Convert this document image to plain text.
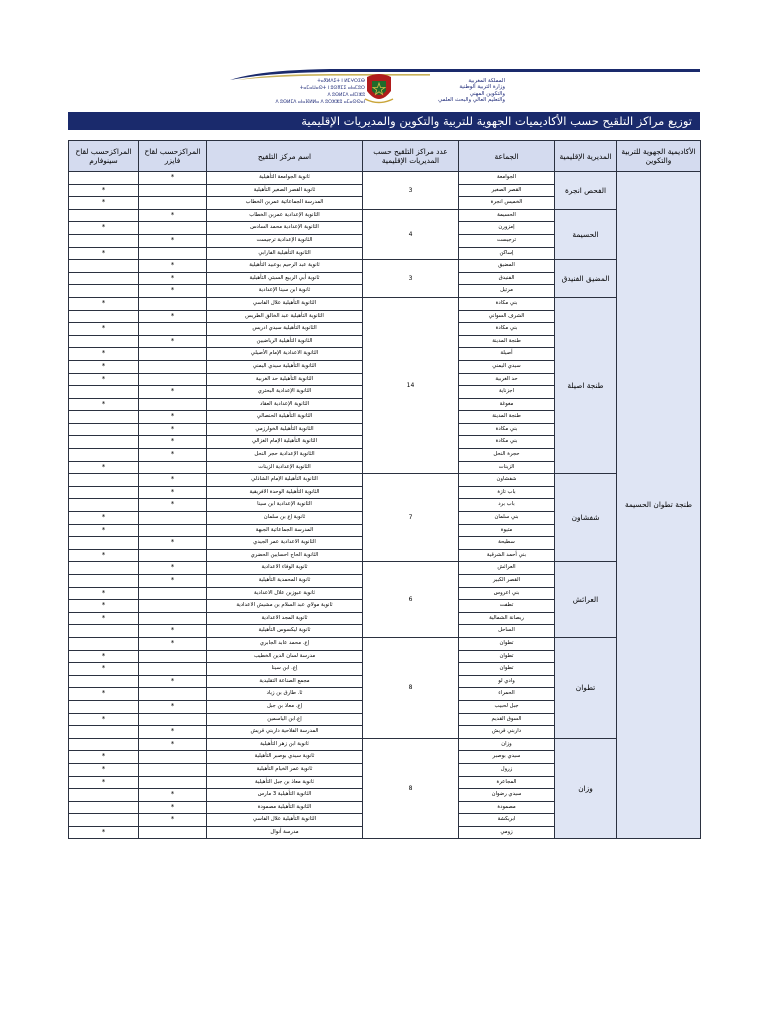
ⵜⴰⴳⵍⴷⵉⵜ ⵏ ⵍⵎⵖⵔⵉⴱ
ⵜⴰⵎⴰⵡⴰⵙⵜ ⵏ ⵓⵙⴳⵎⵉ ⴰⵏⴰⵎⵓⵔ
ⴷ ⵓⵙⵍⵎⴷ ⴰⵏⵎⵏⵣⵓ
ⴷ ⵓⵙⵍⵎⴷ ⴰⵏⴰⴼⵍⵍⴰ ⴷ ⵓⵔⵣⵣⵓ ⴰⵎⴰⵙⵙⴰⵏ
المملكة المغربية
وزارة التربية الوطنية
والتكوين المهني
والتعليم العالي والبحث العلمي
توزيع مراكز التلقيح حسب الأكاديميات الجهوية للتربية والتكوين والمديريات الإقليمية
الأكاديمية الجهوية للتربية والتكوين	المديرية الإقليمية	الجماعة	عدد مراكز التلقيح حسب المديريات الإقليمية	اسم مركز التلقيح	المراكزحسب لقاح فايزر	المراكزحسب لقاح سينوفارم
طنجة تطوان الحسيمة	الفحص انجرة	الجوامعة	3	ثانوية الجوامعة التأهيلية	*	
		القصر الصغير		ثانوية القصر الصغير التأهيلية		*
		الخميس انجرة		المدرسة الجماعاتية عمربن الخطاب		*
	الحسيمة	الحسيمة	4	الثانوية الإعدادية عمربن الخطاب	*	
		إمزورن		الثانوية الإعدادية محمد السادس		*
		ترجيست		الثانوية الإعدادية ترجيست	*	
		إساكن		الثانوية التأهيلية الفارابي		*
	المضيق الفنيدق	المضيق	3	ثانوية عبد الرحيم بوعبيد التأهيلية	*	
		الفنيدق		ثانوية أبي الربيع السبتي التأهيلية	*	
		مرتيل		ثانوية ابن سينا الإعدادية	*	
	طنجة اصيلة	بني مكادة	14	الثانوية التأهيلية علال الفاسي		*
		الشرف السواني		الثانوية التأهيلية عبد الخالق الطريس	*	
		بني مكادة		الثانوية التأهيلية سيدي ادريس		*
		طنجة المدينة		الثانوية التأهيلية الرياضيين	*	
		أصيلة		الثانوية الاعدادية الإمام الأصيلي		*
		سيدي اليمني		الثانوية التأهيلية سيدي اليمني		*
		حد الغربية		الثانوية التأهيلية حد الغربية		*
		اجزناية		الثانوية الإعدادية البحتري	*	
		مغوغة		الثانوية الإعدادية العقاد		*
		طنجة المدينة		الثانوية التأهيلية الحنصالي	*	
		بني مكادة		الثانوية التأهيلية الخوارزمي	*	
		بني مكادة		الثانوية التأهيلية الإمام الغزالي	*	
		حجرة النحل		الثانوية الإعدادية حجر النحل	*	
		الزينات		الثانوية الإعدادية الزينات		*
	شفشاون	شفشاون	7	الثانوية التأهيلية الإمام الشاذلي	*	
		باب تازة		الثانوية التأهيلية الوحدة الافريقية	*	
		باب برد		الثانوية الإعدادية ابن سينا	*	
		بني سلمان		ثانوية إع بن سلمان		*
		متيوة		المدرسة الجماعاتية الجبهة		*
		سطيحة		الثانوية الاعدادية عمر الجيدي	*	
		بني أحمد الشرقية		الثانوية الحاج احسايين الحضري		*
	العرائش	العرائش	6	ثانوية الوفاء الاعدادية	*	
		القصر الكبير		ثانوية المحمدية التأهيلية	*	
		بني اعروس		ثانوية عبوزبن علال الاعدادية		*
		تطفت		ثانوية مولاي عبد السلام بن مشيش الاعدادية		*
		ريصانة الشمالية		ثانوية المجد الاعدادية		*
		الساحل		ثانوية ليكسوس التأهيلية	*	
	تطوان	تطوان	8	إع. محمد عابد الجابري	*	
		تطوان		مدرسة لسان الدين الخطيب		*
		تطوان		إع. ابن سينا		*
		وادي لو		مجمع الصناعة التقليدية	*	
		الحمراء		ثا. طارق بن زياد		*
		جبل لحبيب		إع. معاذ بن جبل	*	
		السوق القديم		إع.ابن الياسمين		*
		داربني قريش		المدرسة الفلاحية داربني قريش	*	
	وزان	وزان	8	ثانوية ابن زهر التأهيلية	*	
		سيدي بوصبر		ثانوية سيدي بوصبر التأهيلية		*
		زرول		ثانوية عمر الخيام التأهيلية		*
		المجاعرة		ثانوية معاذ بن جبل التأهيلية		*
		سيدي رضوان		الثانوية التأهيلية 3 مارس	*	
		مصمودة		الثانوية التأهيلية مصمودة	*	
		ابريكشة		الثانوية التأهيلية علال الفاسي	*	
		زومي		مدرسة أنوال		*
